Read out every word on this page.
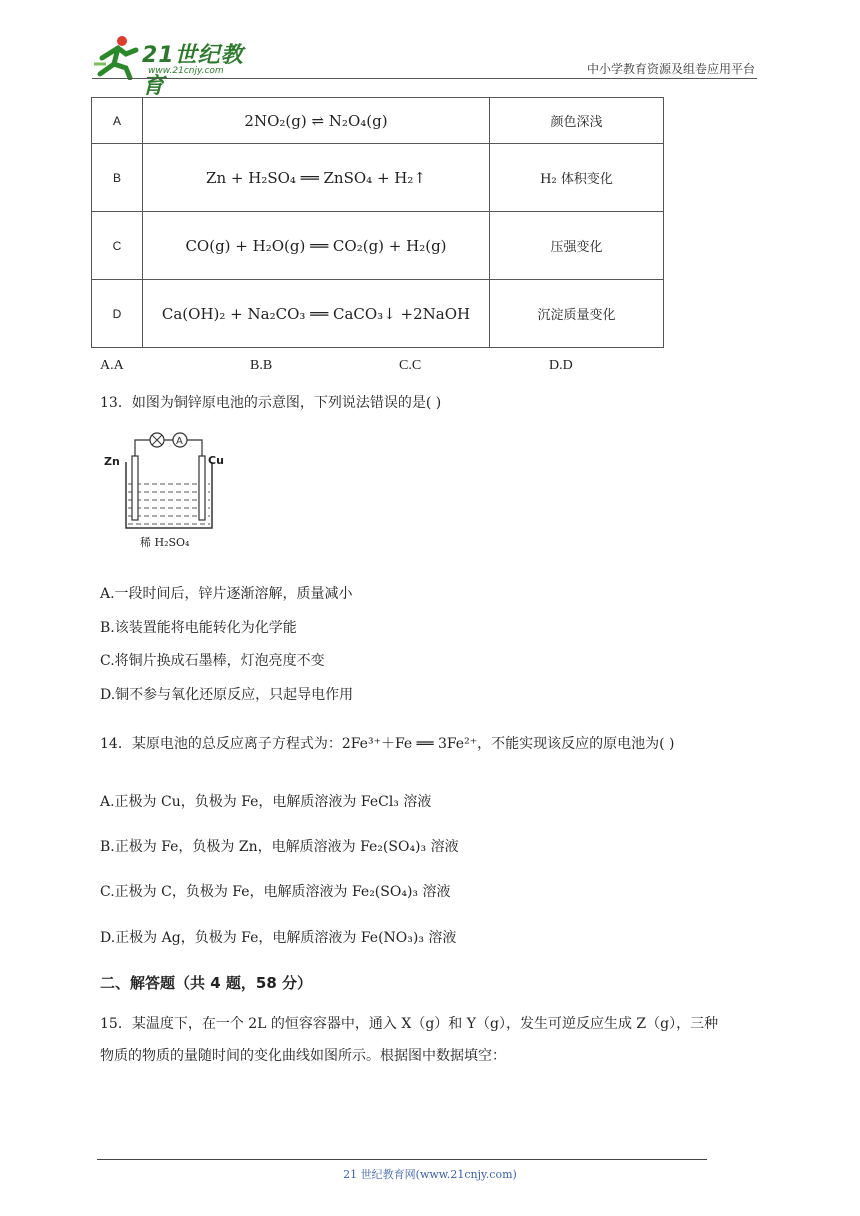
21世纪教育
www.21cnjy.com	中小学教育资源及组卷应用平台
A	2NO₂(g) ⇌ N₂O₄(g)	颜色深浅
B	Zn + H₂SO₄ ══ ZnSO₄ + H₂↑	H₂ 体积变化
C	CO(g) + H₂O(g) ══ CO₂(g) + H₂(g)	压强变化
D	Ca(OH)₂ + Na₂CO₃ ══ CaCO₃↓ +2NaOH	沉淀质量变化
A.A	B.B	C.C	D.D
13．如图为铜锌原电池的示意图，下列说法错误的是( )
A
Zn	Cu
稀 H₂SO₄
A.一段时间后，锌片逐渐溶解，质量减小
B.该装置能将电能转化为化学能
C.将铜片换成石墨棒，灯泡亮度不变
D.铜不参与氧化还原反应，只起导电作用
14．某原电池的总反应离子方程式为：2Fe³⁺＋Fe ══ 3Fe²⁺，不能实现该反应的原电池为( )
A.正极为 Cu，负极为 Fe，电解质溶液为 FeCl₃ 溶液
B.正极为 Fe，负极为 Zn，电解质溶液为 Fe₂(SO₄)₃ 溶液
C.正极为 C，负极为 Fe，电解质溶液为 Fe₂(SO₄)₃ 溶液
D.正极为 Ag，负极为 Fe，电解质溶液为 Fe(NO₃)₃ 溶液
二、解答题（共 4 题，58 分）
15．某温度下，在一个 2L 的恒容容器中，通入 X（g）和 Y（g），发生可逆反应生成 Z（g），三种
物质的物质的量随时间的变化曲线如图所示。根据图中数据填空：
21 世纪教育网(www.21cnjy.com)
